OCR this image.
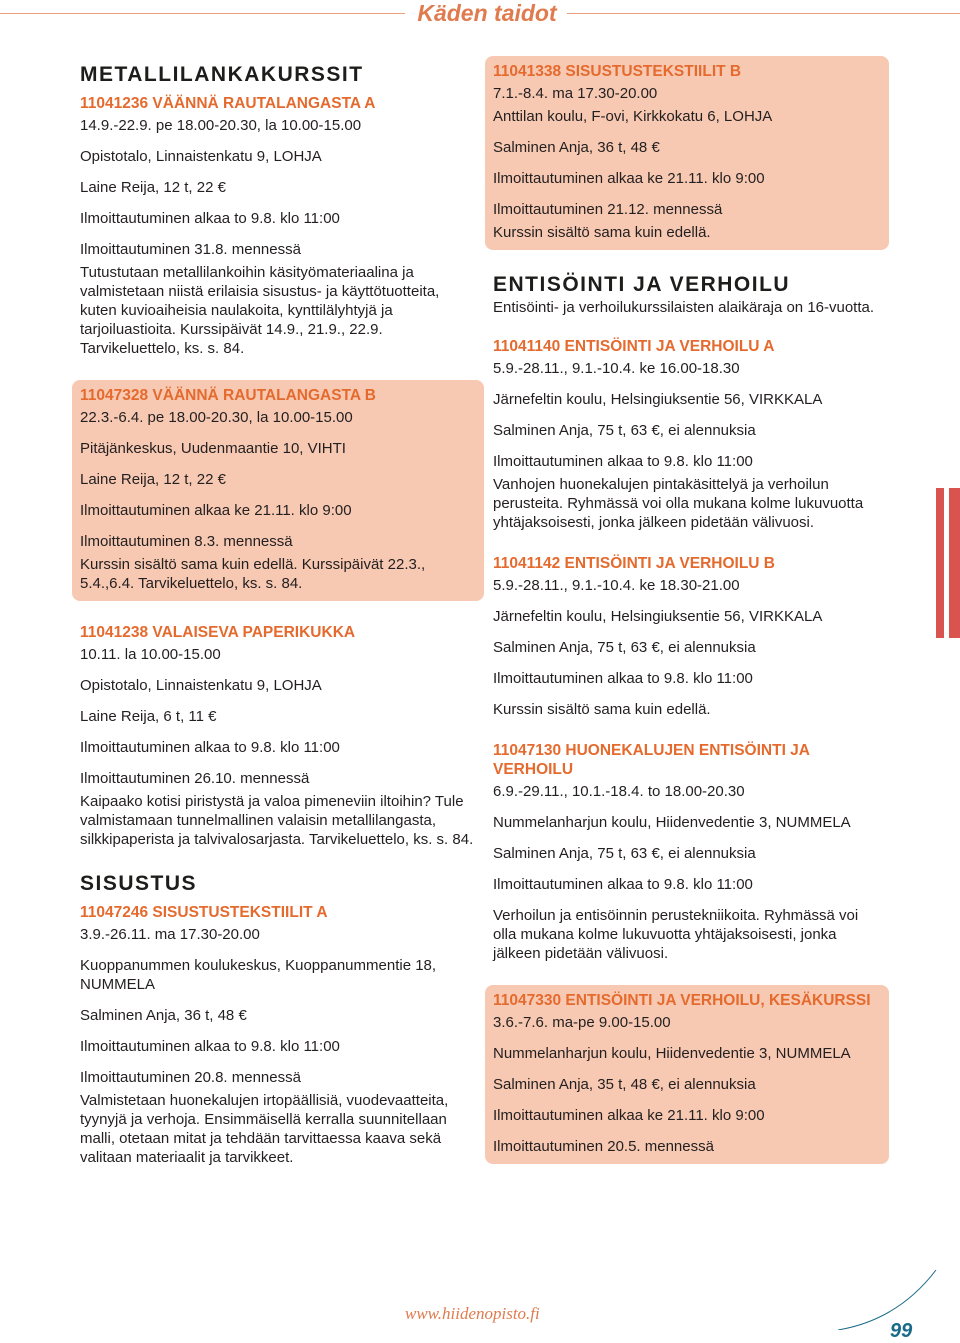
Käden taidot
METALLILANKAKURSSIT
11041236 VÄÄNNÄ RAUTALANGASTA A
14.9.-22.9. pe 18.00-20.30, la 10.00-15.00
Opistotalo, Linnaistenkatu 9, LOHJA
Laine Reija, 12 t, 22 €
Ilmoittautuminen alkaa to 9.8. klo 11:00
Ilmoittautuminen 31.8. mennessä
Tutustutaan metallilankoihin käsityömateriaalina ja valmistetaan niistä erilaisia sisustus- ja käyttötuotteita, kuten kuvioaiheisia naulakoita, kynttilälyhtyjä ja tarjoiluastioita. Kurssipäivät 14.9., 21.9., 22.9. Tarvikeluettelo, ks. s. 84.
11047328 VÄÄNNÄ RAUTALANGASTA B
22.3.-6.4. pe 18.00-20.30, la 10.00-15.00
Pitäjänkeskus, Uudenmaantie 10, VIHTI
Laine Reija, 12 t, 22 €
Ilmoittautuminen alkaa ke 21.11. klo 9:00
Ilmoittautuminen 8.3. mennessä
Kurssin sisältö sama kuin edellä. Kurssipäivät 22.3., 5.4.,6.4. Tarvikeluettelo, ks. s. 84.
11041238 VALAISEVA PAPERIKUKKA
10.11. la 10.00-15.00
Opistotalo, Linnaistenkatu 9, LOHJA
Laine Reija, 6 t, 11 €
Ilmoittautuminen alkaa to 9.8. klo 11:00
Ilmoittautuminen 26.10. mennessä
Kaipaako kotisi piristystä ja valoa pimeneviin iltoihin? Tule valmistamaan tunnelmallinen valaisin metallilangasta, silkkipaperista ja talvivalosarjasta. Tarvikeluettelo, ks. s. 84.
SISUSTUS
11047246 SISUSTUSTEKSTIILIT A
3.9.-26.11. ma 17.30-20.00
Kuoppanummen koulukeskus, Kuoppanummentie 18, NUMMELA
Salminen Anja, 36 t, 48 €
Ilmoittautuminen alkaa to 9.8. klo 11:00
Ilmoittautuminen 20.8. mennessä
Valmistetaan huonekalujen irtopäällisiä, vuodevaatteita, tyynyjä ja verhoja. Ensimmäisellä kerralla suunnitellaan malli, otetaan mitat ja tehdään tarvittaessa kaava sekä valitaan materiaalit ja tarvikkeet.
11041338 SISUSTUSTEKSTIILIT B
7.1.-8.4. ma 17.30-20.00
Anttilan koulu, F-ovi, Kirkkokatu 6, LOHJA
Salminen Anja, 36 t, 48 €
Ilmoittautuminen alkaa ke 21.11. klo 9:00
Ilmoittautuminen 21.12. mennessä
Kurssin sisältö sama kuin edellä.
ENTISÖINTI JA VERHOILU
Entisöinti- ja verhoilukurssilaisten alaikäraja on 16-vuotta.
11041140 ENTISÖINTI JA VERHOILU A
5.9.-28.11., 9.1.-10.4. ke 16.00-18.30
Järnefeltin koulu, Helsingiuksentie 56, VIRKKALA
Salminen Anja, 75 t, 63 €, ei alennuksia
Ilmoittautuminen alkaa to 9.8. klo 11:00
Vanhojen huonekalujen pintakäsittelyä ja verhoilun perusteita. Ryhmässä voi olla mukana kolme lukuvuotta yhtäjaksoisesti, jonka jälkeen pidetään välivuosi.
11041142 ENTISÖINTI JA VERHOILU B
5.9.-28.11., 9.1.-10.4. ke 18.30-21.00
Järnefeltin koulu, Helsingiuksentie 56, VIRKKALA
Salminen Anja, 75 t, 63 €, ei alennuksia
Ilmoittautuminen alkaa to 9.8. klo 11:00
Kurssin sisältö sama kuin edellä.
11047130 HUONEKALUJEN ENTISÖINTI JA VERHOILU
6.9.-29.11., 10.1.-18.4. to 18.00-20.30
Nummelanharjun koulu, Hiidenvedentie 3, NUMMELA
Salminen Anja, 75 t, 63 €, ei alennuksia
Ilmoittautuminen alkaa to 9.8. klo 11:00
Verhoilun ja entisöinnin perustekniikoita. Ryhmässä voi olla mukana kolme lukuvuotta yhtäjaksoisesti, jonka jälkeen pidetään välivuosi.
11047330 ENTISÖINTI JA VERHOILU, KESÄKURSSI
3.6.-7.6. ma-pe 9.00-15.00
Nummelanharjun koulu, Hiidenvedentie 3, NUMMELA
Salminen Anja, 35 t, 48 €, ei alennuksia
Ilmoittautuminen alkaa ke 21.11. klo 9:00
Ilmoittautuminen 20.5. mennessä
www.hiidenopisto.fi
99
